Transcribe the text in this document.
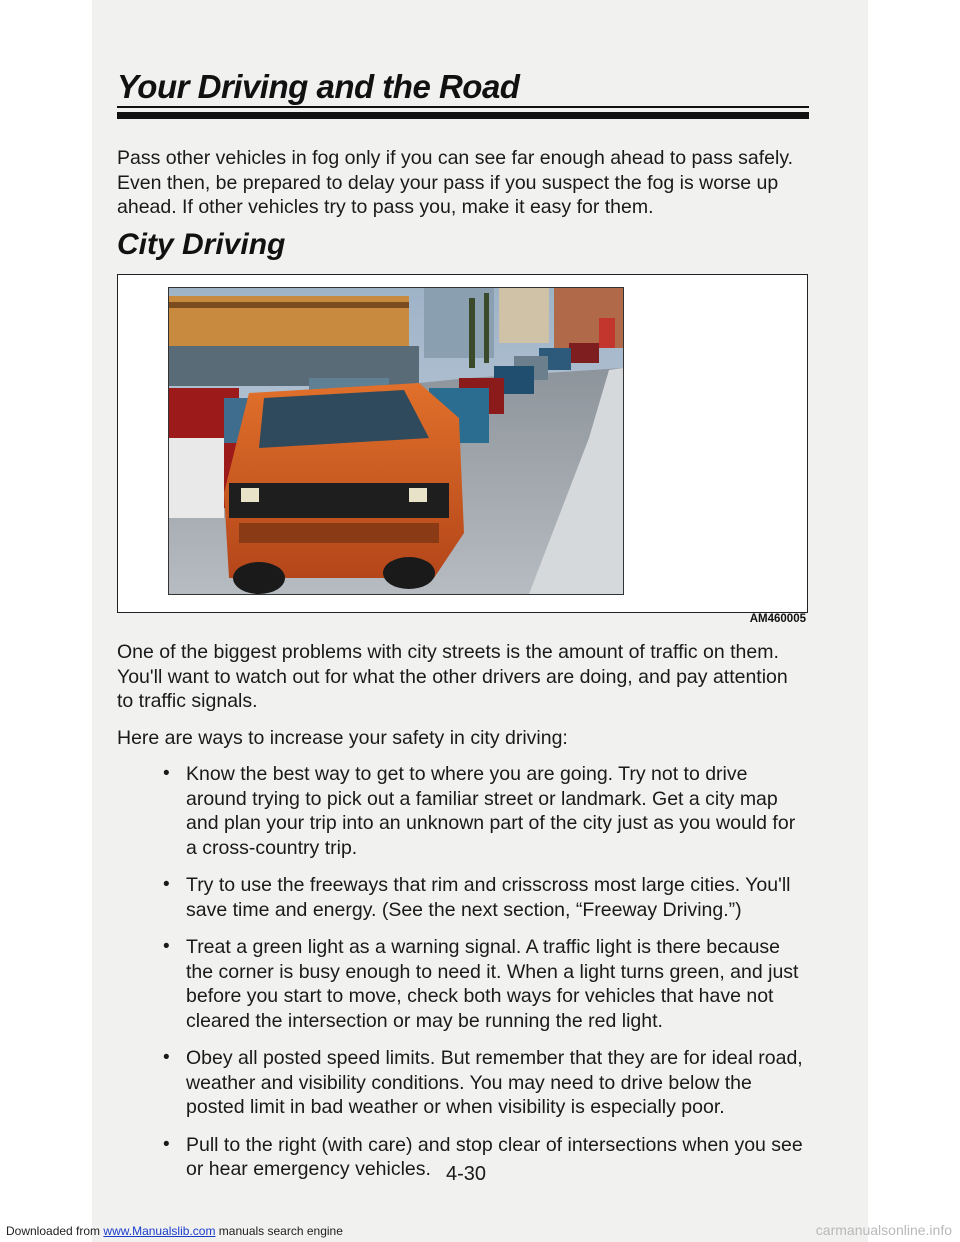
Your Driving and the Road

Pass other vehicles in fog only if you can see far enough ahead to pass safely. Even then, be prepared to delay your pass if you suspect the fog is worse up ahead. If other vehicles try to pass you, make it easy for them.

City Driving
AM460005

One of the biggest problems with city streets is the amount of traffic on them. You'll want to watch out for what the other drivers are doing, and pay attention to traffic signals.

Here are ways to increase your safety in city driving:

• Know the best way to get to where you are going. Try not to drive around trying to pick out a familiar street or landmark. Get a city map and plan your trip into an unknown part of the city just as you would for a cross-country trip.
• Try to use the freeways that rim and crisscross most large cities. You'll save time and energy. (See the next section, “Freeway Driving.”)
• Treat a green light as a warning signal. A traffic light is there because the corner is busy enough to need it. When a light turns green, and just before you start to move, check both ways for vehicles that have not cleared the intersection or may be running the red light.
• Obey all posted speed limits. But remember that they are for ideal road, weather and visibility conditions. You may need to drive below the posted limit in bad weather or when visibility is especially poor.
• Pull to the right (with care) and stop clear of intersections when you see or hear emergency vehicles. 4-30
Downloaded from www.Manualslib.com manuals search engine	carmanualsonline.info
